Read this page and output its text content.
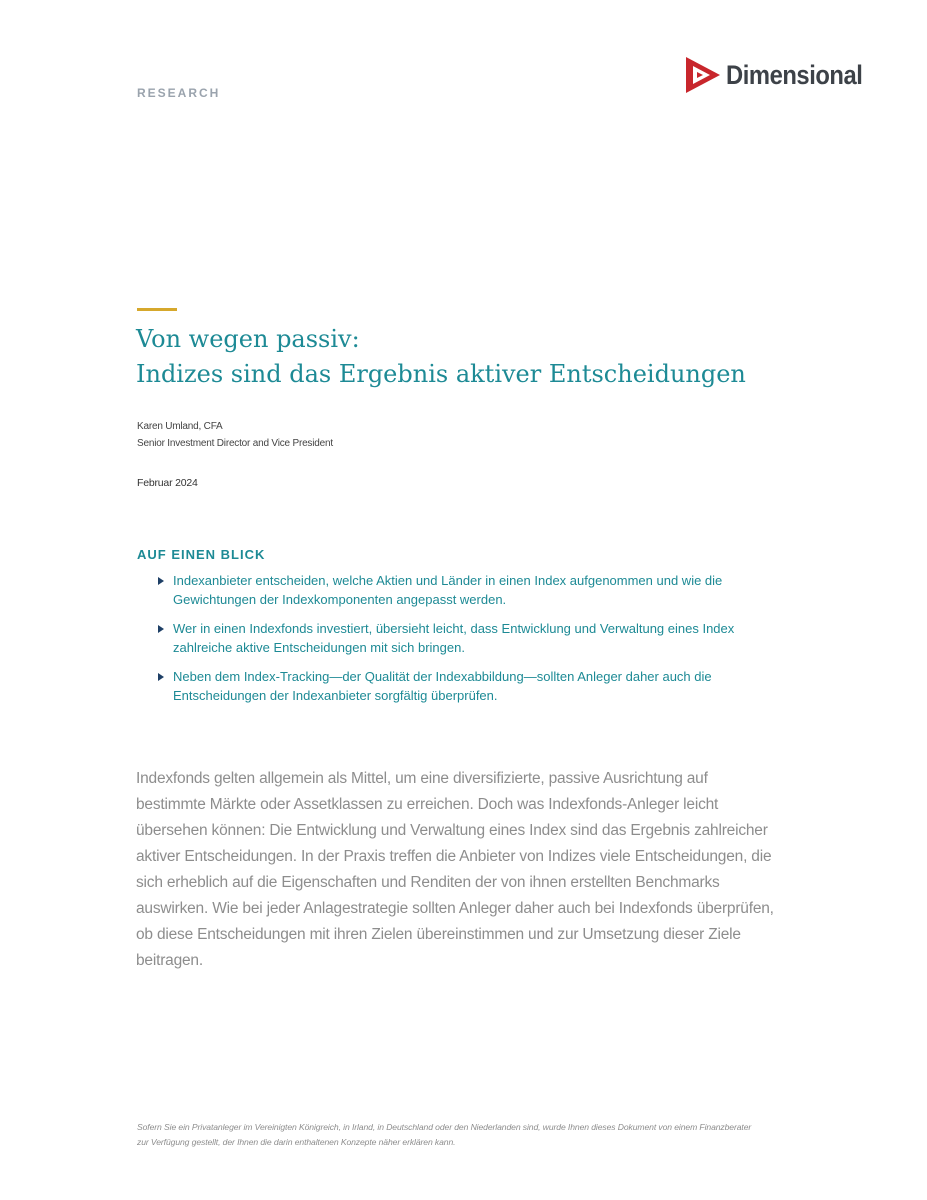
RESEARCH
Dimensional
Von wegen passiv:
Indizes sind das Ergebnis aktiver Entscheidungen
Karen Umland, CFA
Senior Investment Director and Vice President
Februar 2024
AUF EINEN BLICK
Indexanbieter entscheiden, welche Aktien und Länder in einen Index aufgenommen und wie die Gewichtungen der Indexkomponenten angepasst werden.
Wer in einen Indexfonds investiert, übersieht leicht, dass Entwicklung und Verwaltung eines Index zahlreiche aktive Entscheidungen mit sich bringen.
Neben dem Index-Tracking—der Qualität der Indexabbildung—sollten Anleger daher auch die Entscheidungen der Indexanbieter sorgfältig überprüfen.
Indexfonds gelten allgemein als Mittel, um eine diversifizierte, passive Ausrichtung auf bestimmte Märkte oder Assetklassen zu erreichen. Doch was Indexfonds-Anleger leicht übersehen können: Die Entwicklung und Verwaltung eines Index sind das Ergebnis zahlreicher aktiver Entscheidungen. In der Praxis treffen die Anbieter von Indizes viele Entscheidungen, die sich erheblich auf die Eigenschaften und Renditen der von ihnen erstellten Benchmarks auswirken. Wie bei jeder Anlagestrategie sollten Anleger daher auch bei Indexfonds überprüfen, ob diese Entscheidungen mit ihren Zielen übereinstimmen und zur Umsetzung dieser Ziele beitragen.
Sofern Sie ein Privatanleger im Vereinigten Königreich, in Irland, in Deutschland oder den Niederlanden sind, wurde Ihnen dieses Dokument von einem Finanzberater zur Verfügung gestellt, der Ihnen die darin enthaltenen Konzepte näher erklären kann.
